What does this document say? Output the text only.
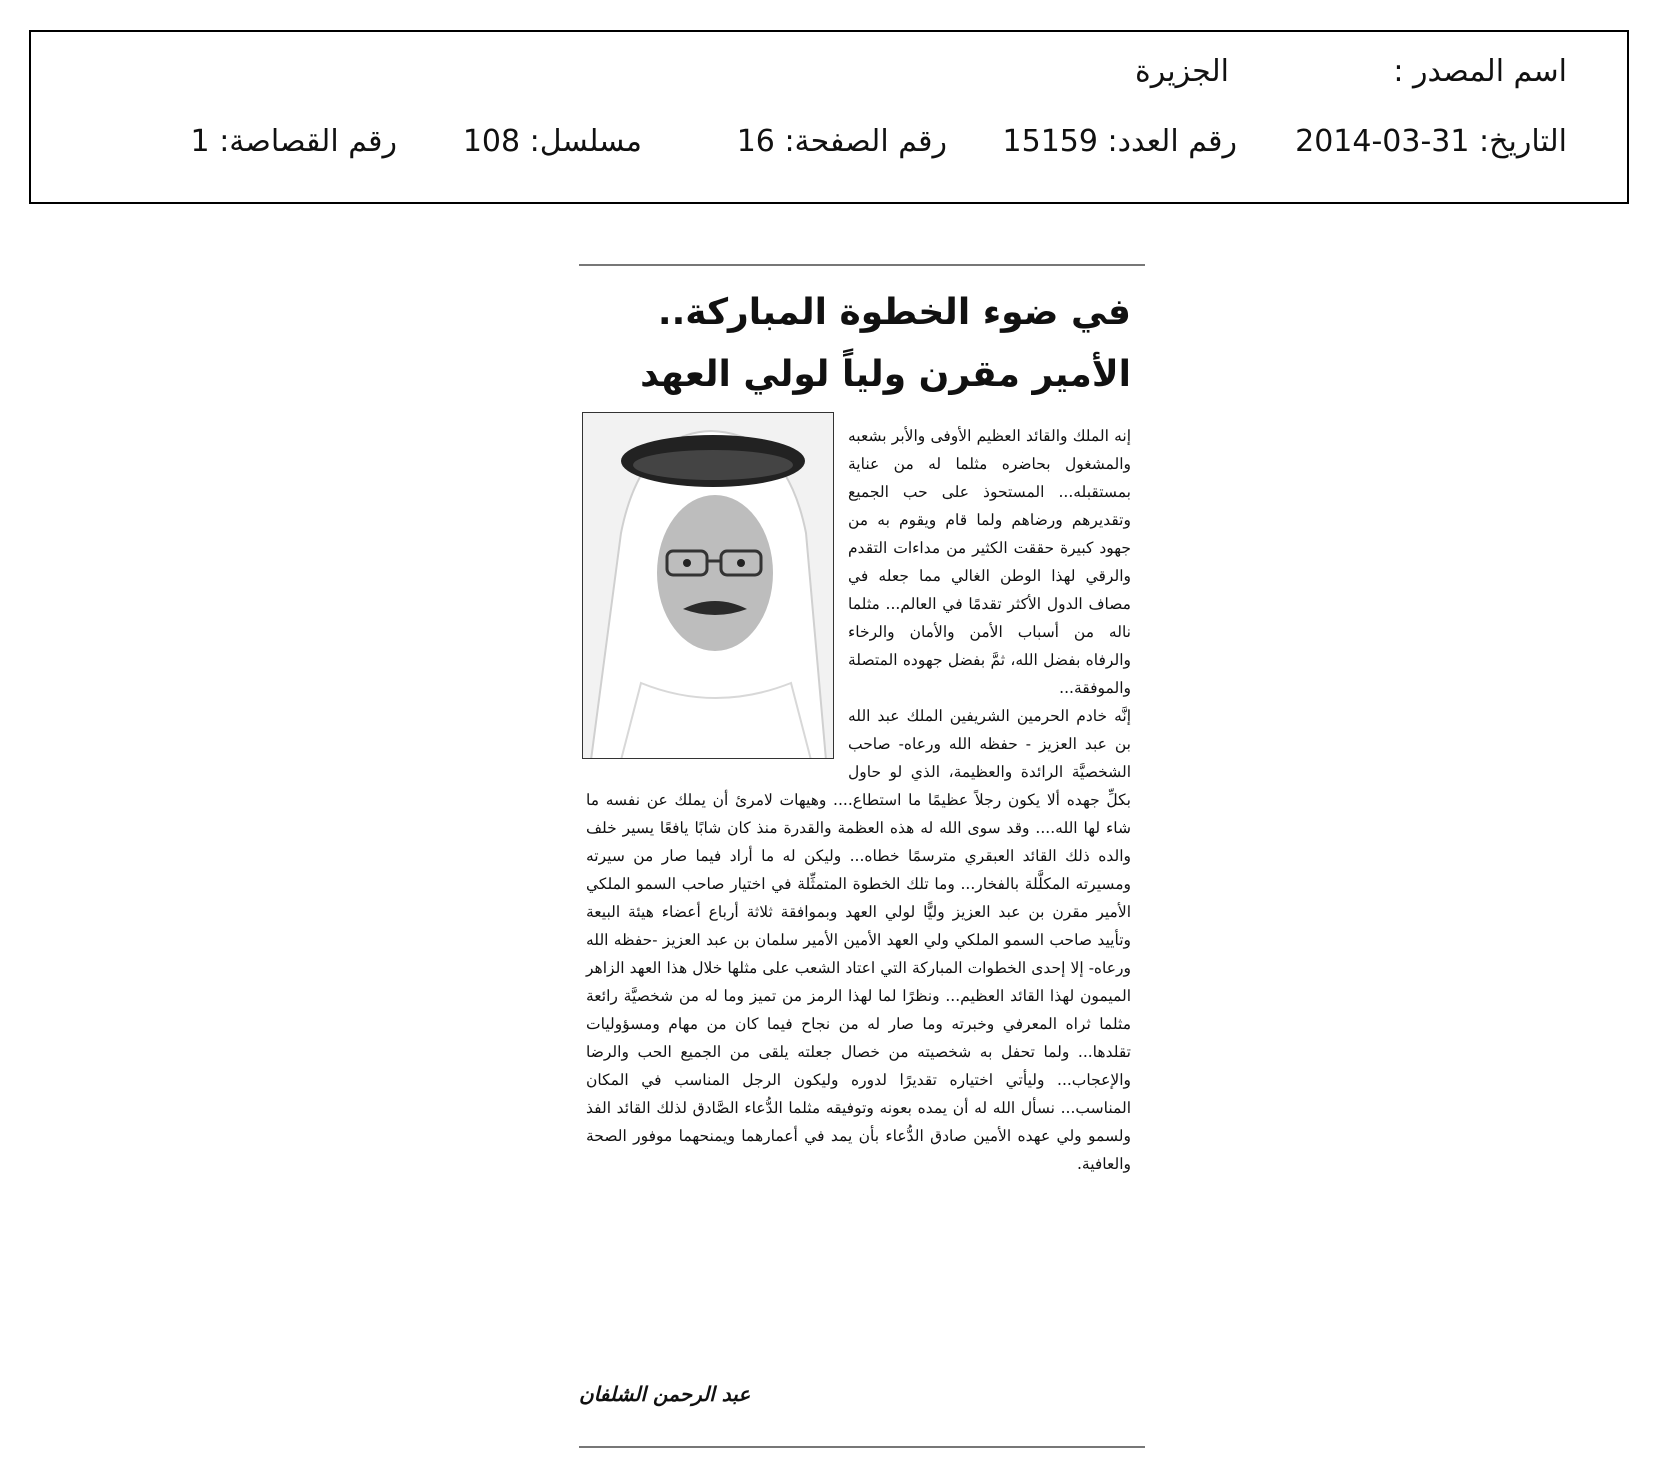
اسم المصدر :
الجزيرة
التاريخ: 2014-03-31
رقم العدد: 15159
رقم الصفحة: 16
مسلسل: 108
رقم القصاصة: 1
في ضوء الخطوة المباركة..
الأمير مقرن ولياً لولي العهد

إنه الملك والقائد العظيم الأوفى والأبر بشعبه والمشغول بحاضره مثلما له من عناية بمستقبله... المستحوذ على حب الجميع وتقديرهم ورضاهم ولما قام ويقوم به من جهود كبيرة حققت الكثير من مداءات التقدم والرقي لهذا الوطن الغالي مما جعله في مصاف الدول الأكثر تقدمًا في العالم... مثلما ناله من أسباب الأمن والأمان والرخاء والرفاه بفضل الله، ثمَّ بفضل جهوده المتصلة والموفقة...

إنَّه خادم الحرمين الشريفين الملك عبد الله بن عبد العزيز - حفظه الله ورعاه- صاحب الشخصيَّة الرائدة والعظيمة، الذي لو حاول بكلِّ جهده ألا يكون رجلاً عظيمًا ما استطاع.... وهيهات لامرئ أن يملك عن نفسه ما شاء لها الله.... وقد سوى الله له هذه العظمة والقدرة منذ كان شابًا يافعًا يسير خلف والده ذلك القائد العبقري مترسمًا خطاه... وليكن له ما أراد فيما صار من سيرته ومسيرته المكلَّلة بالفخار... وما تلك الخطوة المتمثِّلة في اختيار صاحب السمو الملكي الأمير مقرن بن عبد العزيز وليًّا لولي العهد وبموافقة ثلاثة أرباع أعضاء هيئة البيعة وتأييد صاحب السمو الملكي ولي العهد الأمين الأمير سلمان بن عبد العزيز -حفظه الله ورعاه- إلا إحدى الخطوات المباركة التي اعتاد الشعب على مثلها خلال هذا العهد الزاهر الميمون لهذا القائد العظيم... ونظرًا لما لهذا الرمز من تميز وما له من شخصيَّة رائعة مثلما ثراه المعرفي وخبرته وما صار له من نجاح فيما كان من مهام ومسؤوليات تقلدها... ولما تحفل به شخصيته من خصال جعلته يلقى من الجميع الحب والرضا والإعجاب... وليأتي اختياره تقديرًا لدوره وليكون الرجل المناسب في المكان المناسب... نسأل الله له أن يمده بعونه وتوفيقه مثلما الدُّعاء الصَّادق لذلك القائد الفذ ولسمو ولي عهده الأمين صادق الدُّعاء بأن يمد في أعمارهما ويمنحهما موفور الصحة والعافية.

عبد الرحمن الشلفان
